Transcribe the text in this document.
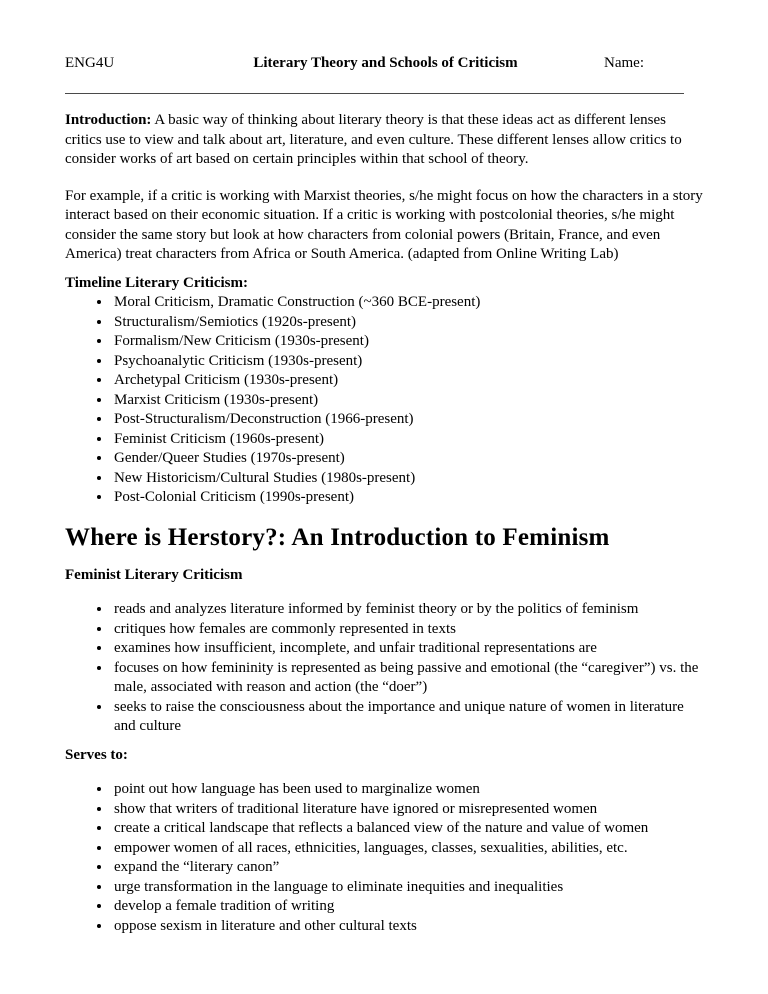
ENG4U	Literary Theory and Schools of Criticism	Name:

Introduction: A basic way of thinking about literary theory is that these ideas act as different lenses critics use to view and talk about art, literature, and even culture. These different lenses allow critics to consider works of art based on certain principles within that school of theory.

For example, if a critic is working with Marxist theories, s/he might focus on how the characters in a story interact based on their economic situation. If a critic is working with postcolonial theories, s/he might consider the same story but look at how characters from colonial powers (Britain, France, and even America) treat characters from Africa or South America. (adapted from Online Writing Lab)

Timeline Literary Criticism:

• Moral Criticism, Dramatic Construction (~360 BCE-present)
• Structuralism/Semiotics (1920s-present)
• Formalism/New Criticism (1930s-present)
• Psychoanalytic Criticism (1930s-present)
• Archetypal Criticism (1930s-present)
• Marxist Criticism (1930s-present)
• Post-Structuralism/Deconstruction (1966-present)
• Feminist Criticism (1960s-present)
• Gender/Queer Studies (1970s-present)
• New Historicism/Cultural Studies (1980s-present)
• Post-Colonial Criticism (1990s-present)
Where is Herstory?: An Introduction to Feminism

Feminist Literary Criticism

• reads and analyzes literature informed by feminist theory or by the politics of feminism
• critiques how females are commonly represented in texts
• examines how insufficient, incomplete, and unfair traditional representations are
• focuses on how femininity is represented as being passive and emotional (the “caregiver”) vs. the male, associated with reason and action (the “doer”)
• seeks to raise the consciousness about the importance and unique nature of women in literature and culture

Serves to:

• point out how language has been used to marginalize women
• show that writers of traditional literature have ignored or misrepresented women
• create a critical landscape that reflects a balanced view of the nature and value of women
• empower women of all races, ethnicities, languages, classes, sexualities, abilities, etc.
• expand the “literary canon”
• urge transformation in the language to eliminate inequities and inequalities
• develop a female tradition of writing
• oppose sexism in literature and other cultural texts
